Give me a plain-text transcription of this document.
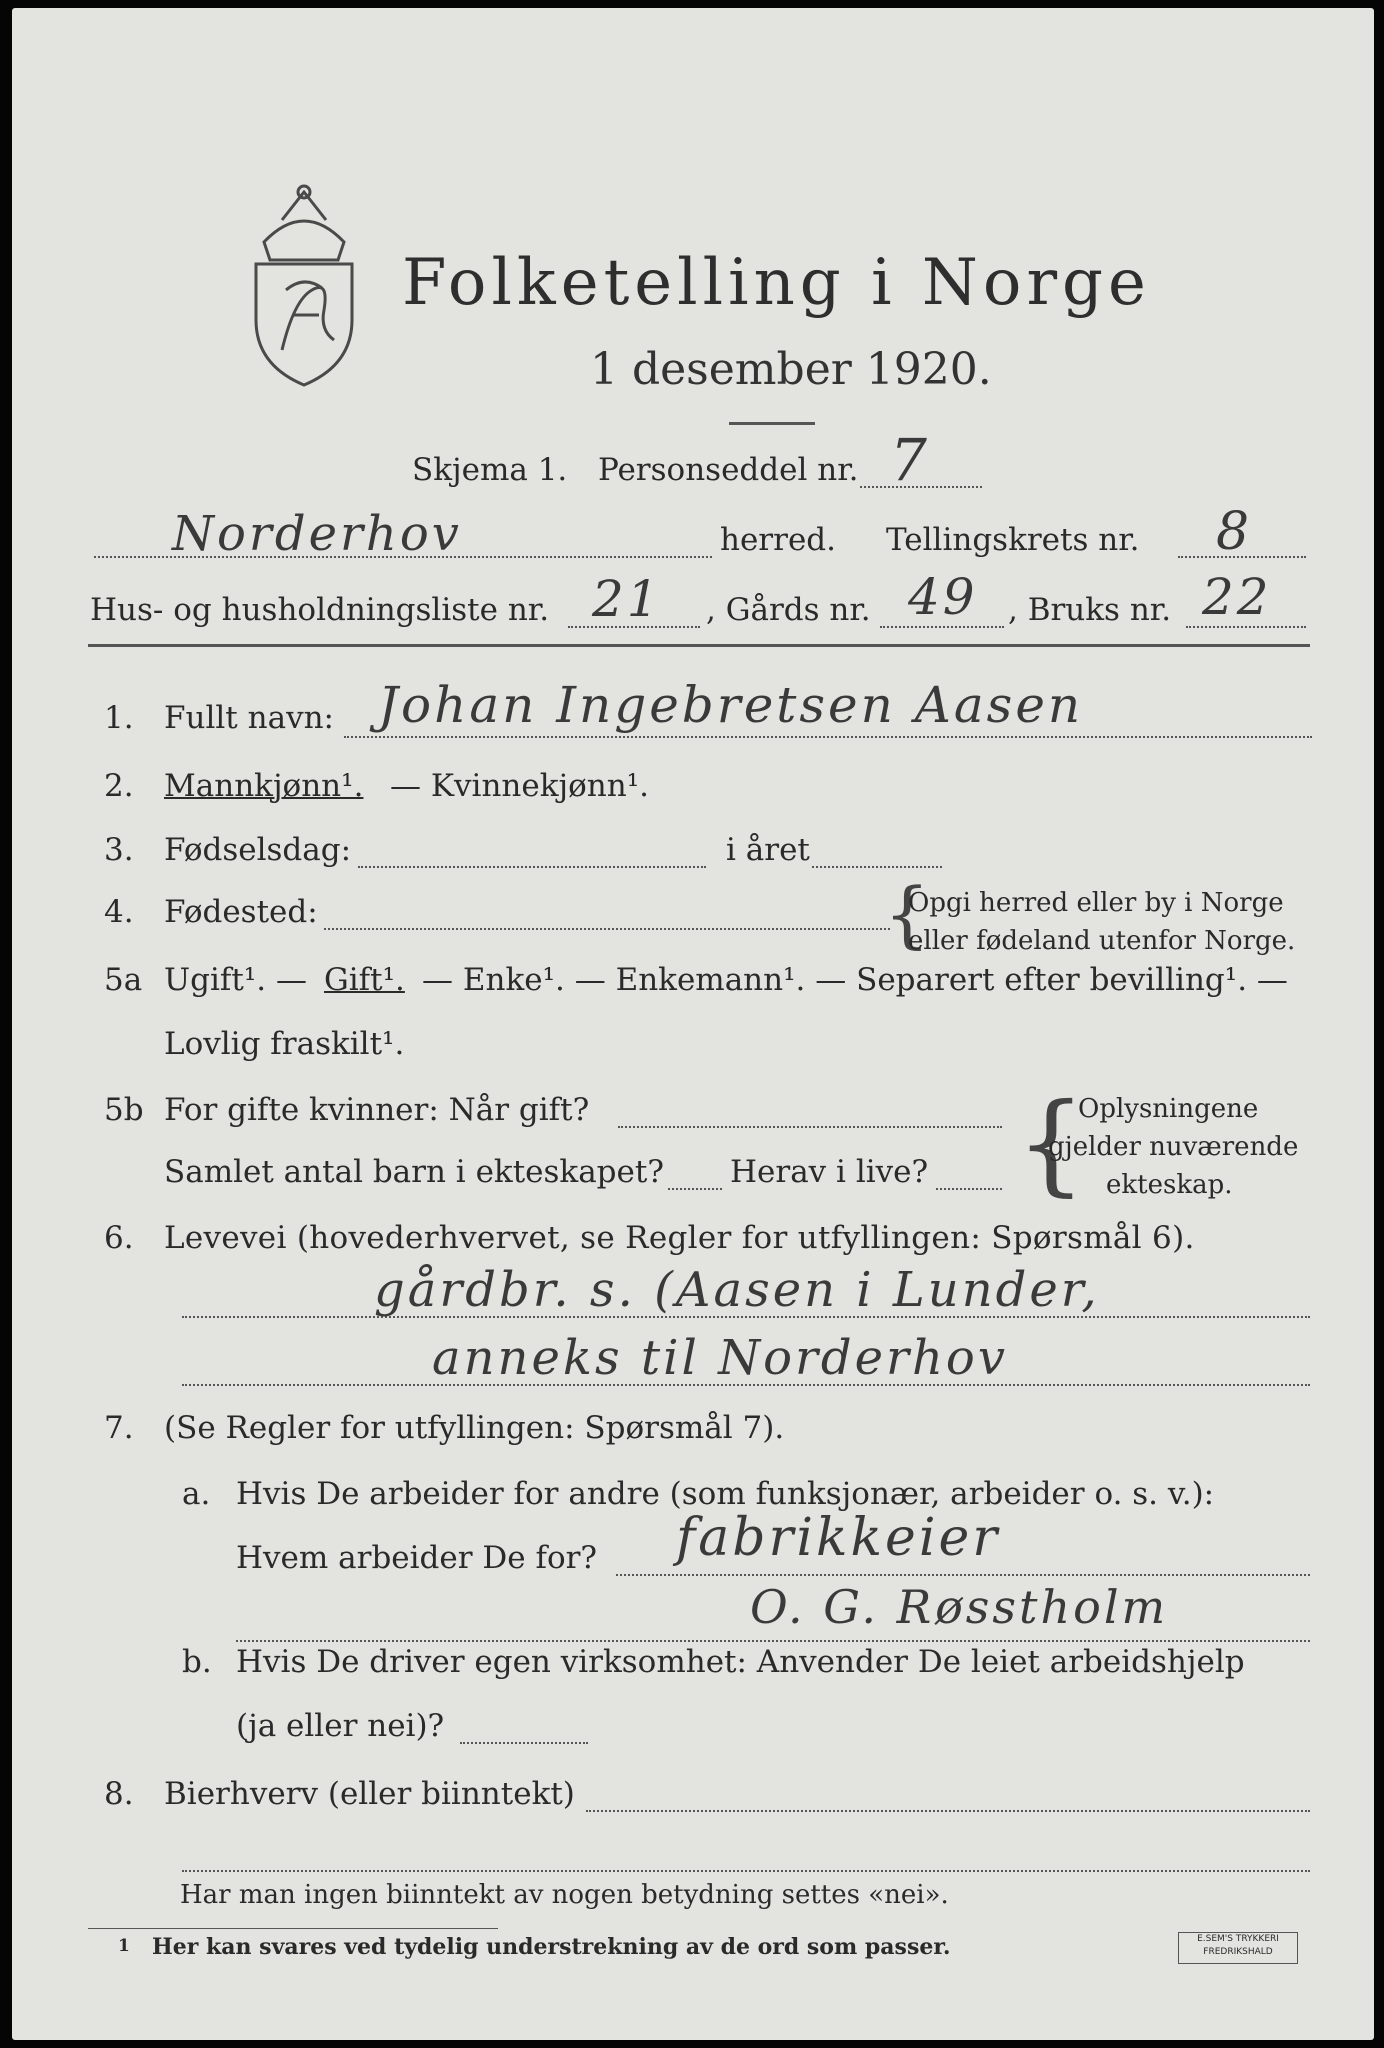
Folketelling i Norge
1 desember 1920.
Skjema 1. Personseddel nr. 7
Norderhov	herred. Tellingskrets nr. 8
Hus- og husholdningsliste nr. 21 , Gårds nr. 49 , Bruks nr. 22
1. Fullt navn: Johan Ingebretsen Aasen
2. Mannkjønn¹. — Kvinnekjønn¹.
3. Fødselsdag:	i året
4. Fødested:	{
Opgi herred eller by i Norge
eller fødeland utenfor Norge.
5a Ugift¹. — Gift¹. — Enke¹. — Enkemann¹. — Separert efter bevilling¹. —
Lovlig fraskilt¹.
5b For gifte kvinner: Når gift?
Samlet antal barn i ekteskapet? Herav i live? {
Oplysningene
gjelder nuværende
ekteskap.
6. Levevei (hovederhvervet, se Regler for utfyllingen: Spørsmål 6).
gårdbr. s. (Aasen i Lunder,
anneks til Norderhov
7. (Se Regler for utfyllingen: Spørsmål 7).
a. Hvis De arbeider for andre (som funksjonær, arbeider o. s. v.):
Hvem arbeider De for? fabrikkeier
O. G. Røsstholm
b. Hvis De driver egen virksomhet: Anvender De leiet arbeidshjelp
(ja eller nei)?
8. Bierhverv (eller biinntekt)
Har man ingen biinntekt av nogen betydning settes «nei».
1 Her kan svares ved tydelig understrekning av de ord som passer.	E.SEM'S TRYKKERI
FREDRIKSHALD
